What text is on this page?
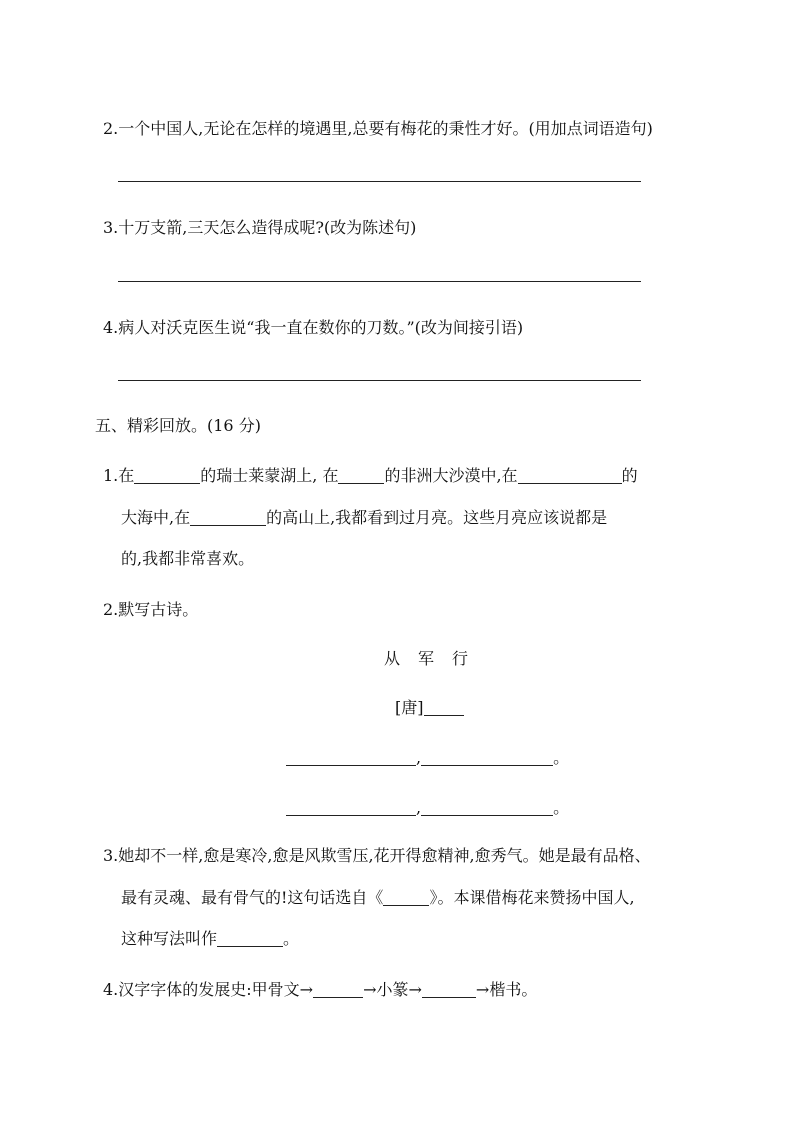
2.一个中国人,无论在怎样的境遇里,总要有梅花的秉性才好。(用加点词语造句)
3.十万支箭,三天怎么造得成呢?(改为陈述句)
4.病人对沃克医生说“我一直在数你的刀数。”(改为间接引语)
五、精彩回放。(16 分)
1.在	的瑞士莱蒙湖上, 在	的非洲大沙漠中,在	的
大海中,在	的高山上,我都看到过月亮。这些月亮应该说都是
的,我都非常喜欢。
2.默写古诗。
从 军 行
[唐]
,	。
,	。
3.她却不一样,愈是寒冷,愈是风欺雪压,花开得愈精神,愈秀气。她是最有品格、
最有灵魂、最有骨气的!这句话选自《	》。本课借梅花来赞扬中国人,
这种写法叫作	。
4.汉字字体的发展史:甲骨文→	→小篆→	→楷书。
